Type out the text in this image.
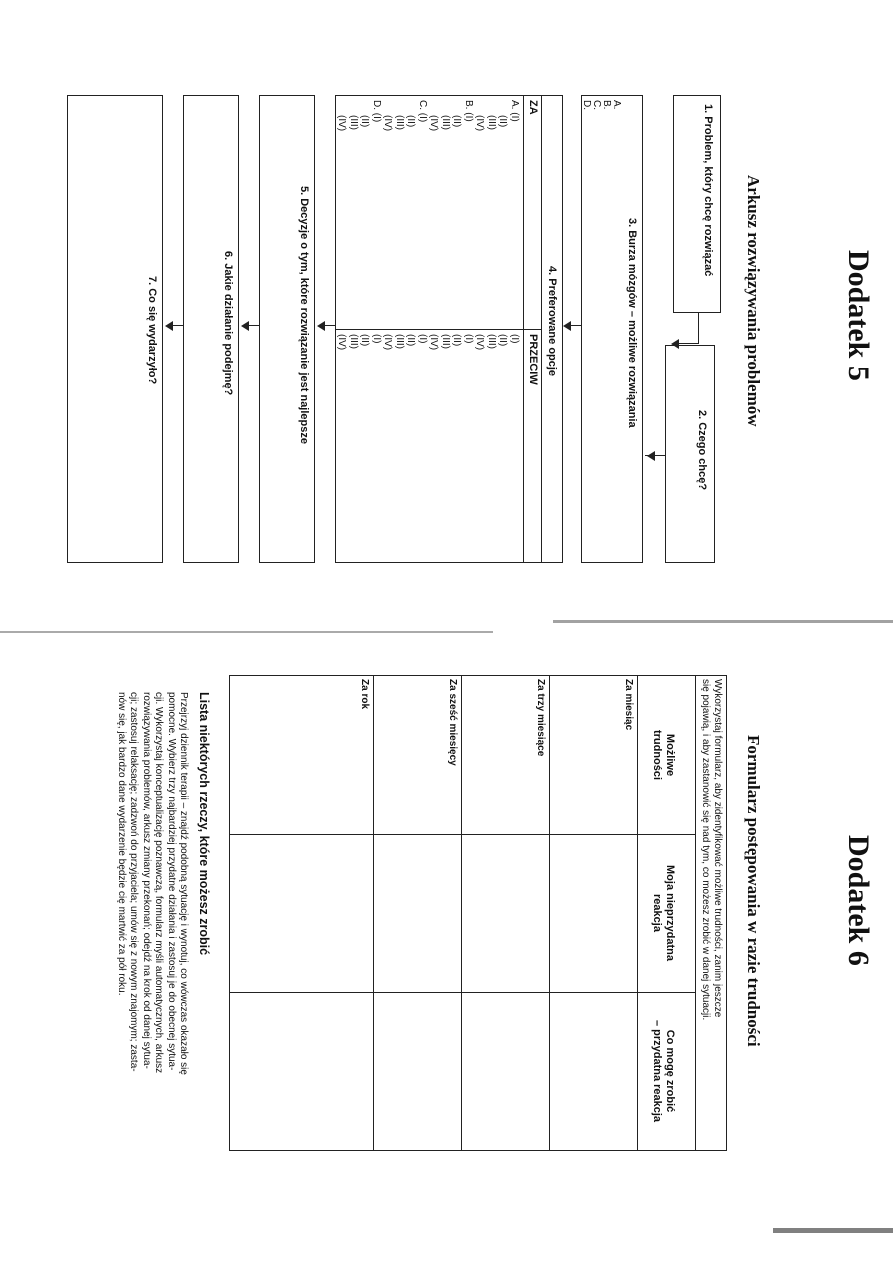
Dodatek 5
Arkusz rozwiązywania problemów
1. Problem, który chcę rozwiązać
2. Czego chcę?
3. Burza mózgów – możliwe rozwiązania
A.
B.
C.
D.
4. Preferowane opcje
ZA
PRZECIW
A. (I)
(II)
(III)
(IV)
B. (I)
(II)
(III)
(IV)
C. (I)
(II)
(III)
(IV)
D. (I)
(II)
(III)
(IV)
(I)
(II)
(III)
(IV)
(I)
(II)
(III)
(IV)
(I)
(II)
(III)
(IV)
(I)
(II)
(III)
(IV)
5. Decyzje o tym, które rozwiązanie jest najlepsze
6. Jakie działanie podejmę?
7. Co się wydarzyło?
Dodatek 6
Formularz postępowania w razie trudności
Wykorzystaj formularz, aby zidentyfikować możliwe trudności, zanim jeszcze
się pojawią, i aby zastanowić się nad tym, co możesz zrobić w danej sytuacji.
Możliwe
trudności
Moja nieprzydatna
reakcja
Co mogę zrobić
– przydatna reakcja
Za miesiąc
Za trzy miesiące
Za sześć miesięcy
Za rok
Lista niektórych rzeczy, które możesz zrobić
Przejrzyj dziennik terapii – znajdź podobną sytuację i wynotuj, co wówczas okazało się
pomocne. Wybierz trzy najbardziej przydatne działania i zastosuj je do obecnej sytua-
cji. Wykorzystaj konceptualizację poznawczą, formularz myśli automatycznych, arkusz
rozwiązywania problemów, arkusz zmiany przekonań; odejdź na krok od danej sytua-
cji; zastosuj relaksację; zadzwoń do przyjaciela; umów się z nowym znajomym; zasta-
nów się, jak bardzo dane wydarzenie będzie cię martwić za pół roku.
